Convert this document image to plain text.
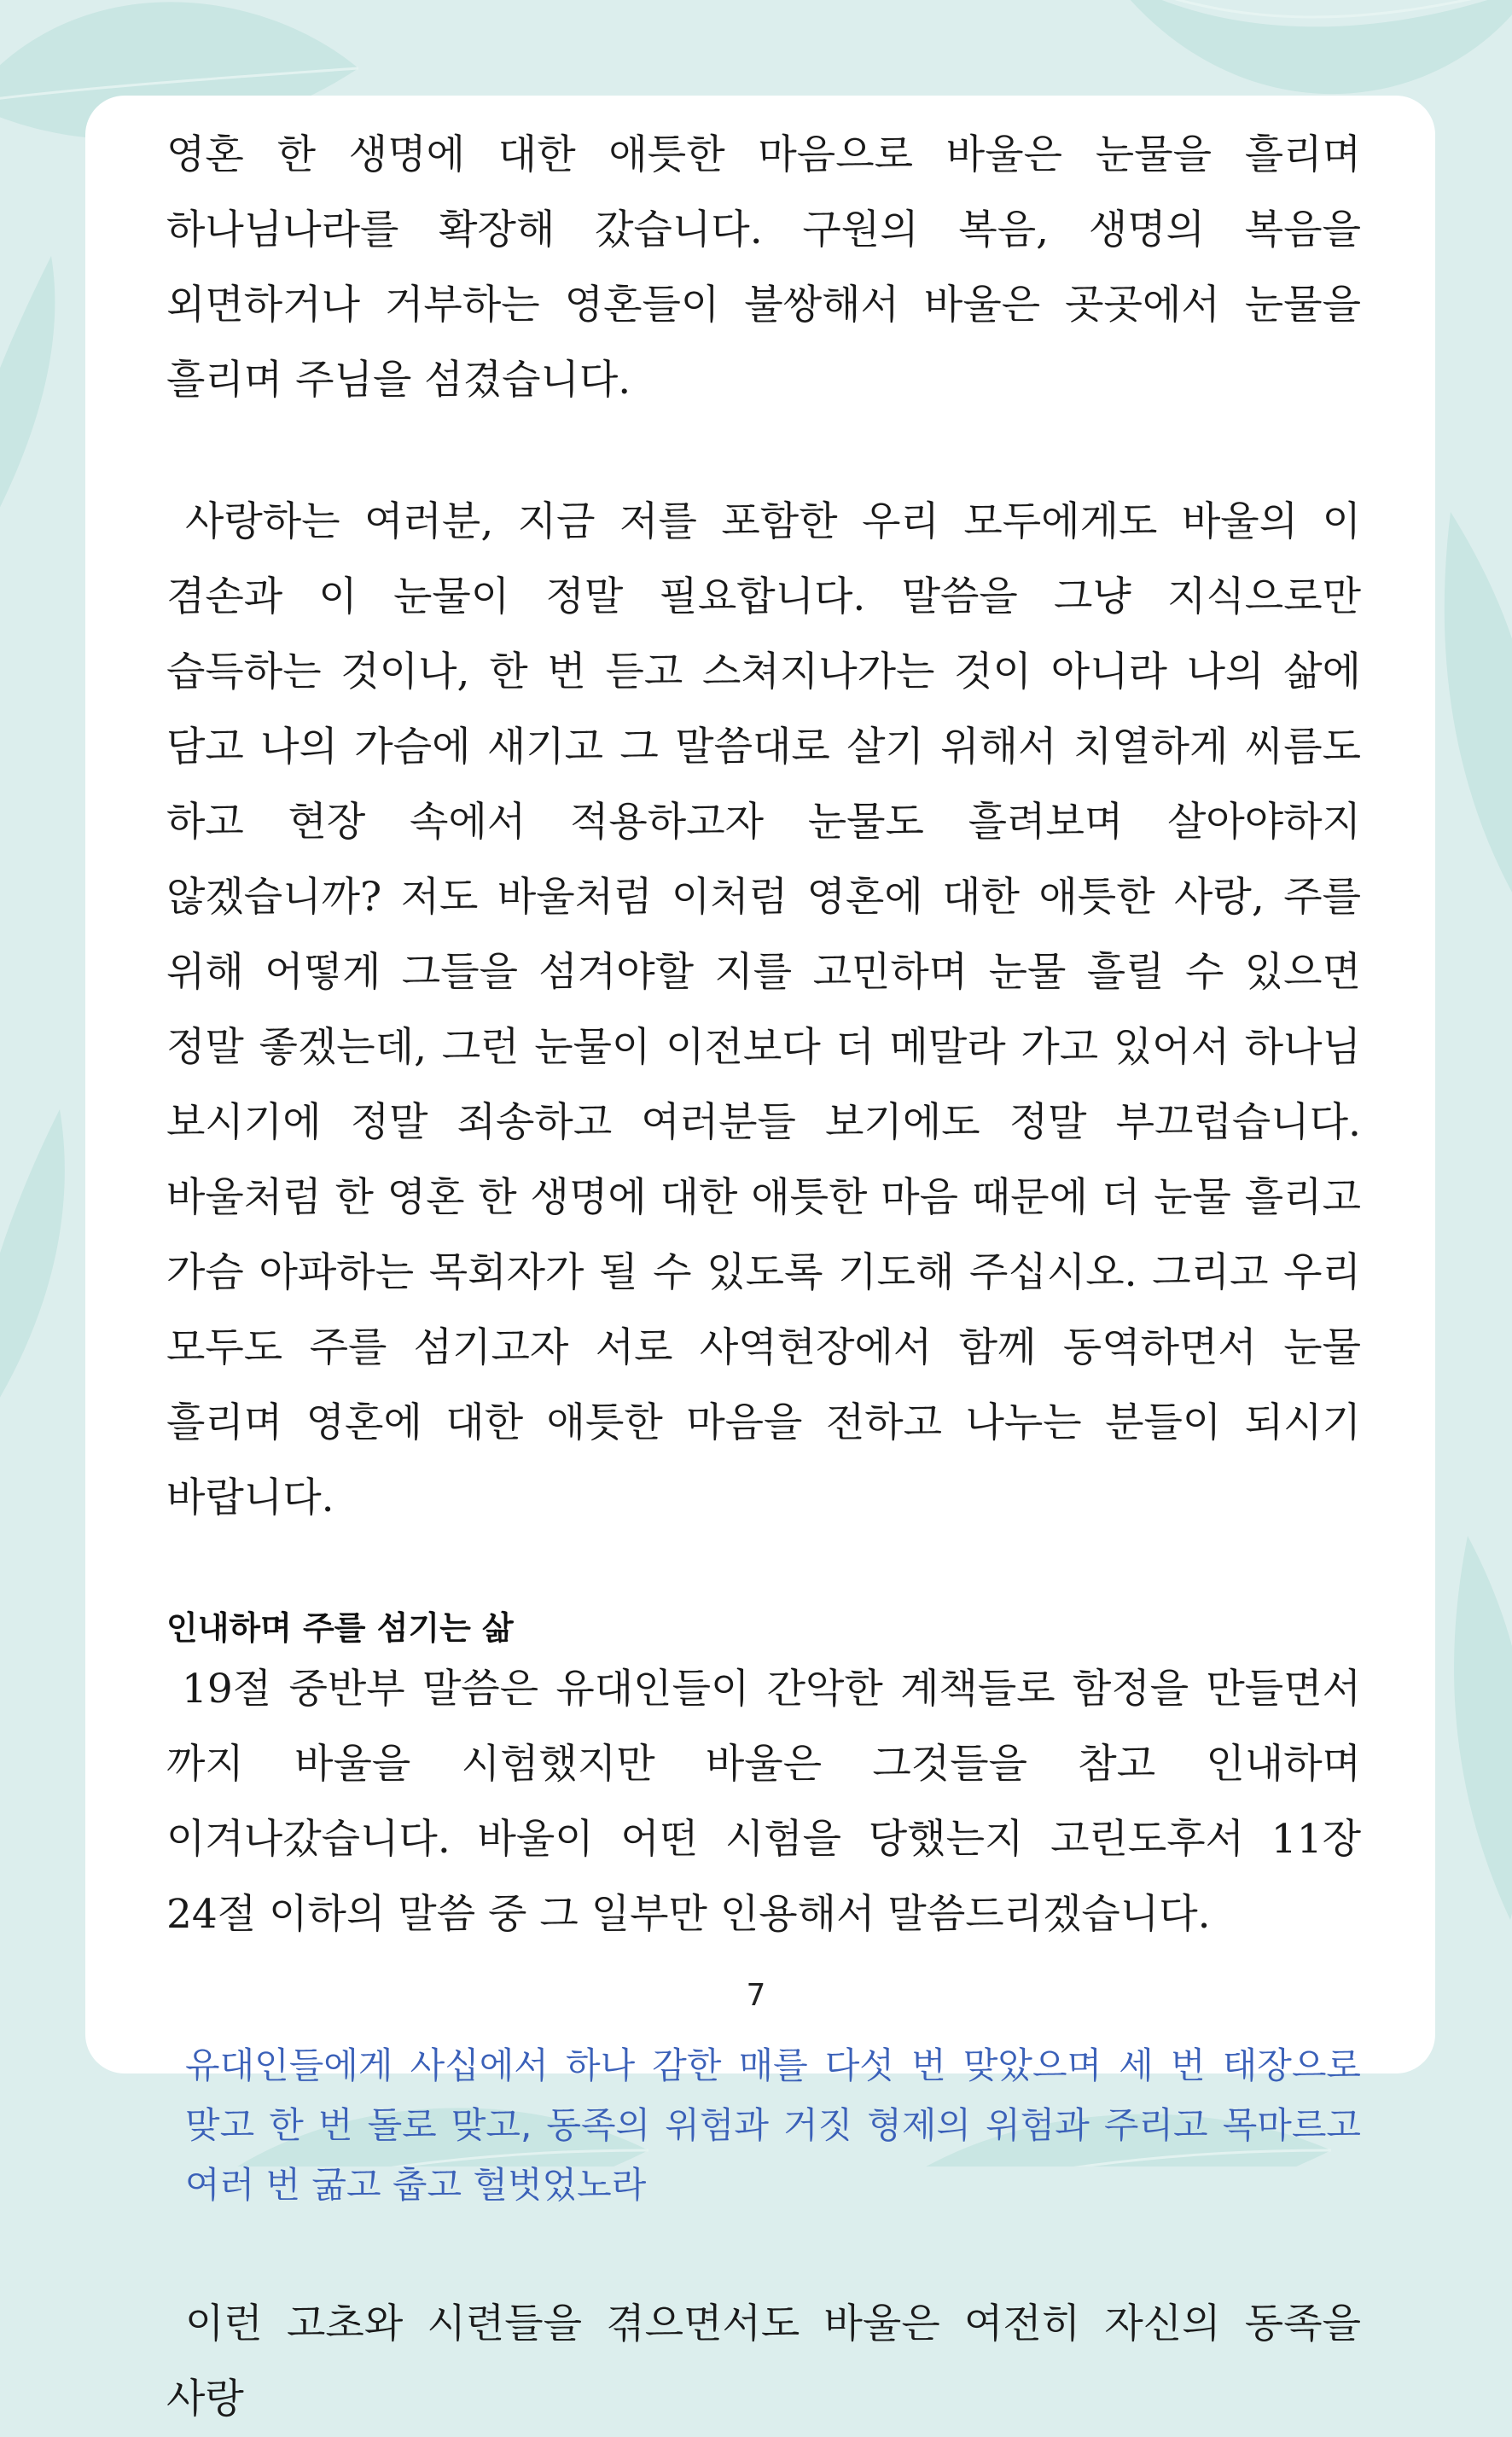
영혼 한 생명에 대한 애틋한 마음으로 바울은 눈물을 흘리며 하나님나라를 확장해 갔습니다. 구원의 복음, 생명의 복음을 외면하거나 거부하는 영혼들이 불쌍해서 바울은 곳곳에서 눈물을 흘리며 주님을 섬겼습니다.

사랑하는 여러분, 지금 저를 포함한 우리 모두에게도 바울의 이 겸손과 이 눈물이 정말 필요합니다. 말씀을 그냥 지식으로만 습득하는 것이나, 한 번 듣고 스쳐지나가는 것이 아니라 나의 삶에 담고 나의 가슴에 새기고 그 말씀대로 살기 위해서 치열하게 씨름도 하고 현장 속에서 적용하고자 눈물도 흘려보며 살아야하지 않겠습니까? 저도 바울처럼 이처럼 영혼에 대한 애틋한 사랑, 주를 위해 어떻게 그들을 섬겨야할 지를 고민하며 눈물 흘릴 수 있으면 정말 좋겠는데, 그런 눈물이 이전보다 더 메말라 가고 있어서 하나님 보시기에 정말 죄송하고 여러분들 보기에도 정말 부끄럽습니다. 바울처럼 한 영혼 한 생명에 대한 애틋한 마음 때문에 더 눈물 흘리고 가슴 아파하는 목회자가 될 수 있도록 기도해 주십시오. 그리고 우리 모두도 주를 섬기고자 서로 사역현장에서 함께 동역하면서 눈물 흘리며 영혼에 대한 애틋한 마음을 전하고 나누는 분들이 되시기 바랍니다.

인내하며 주를 섬기는 삶

19절 중반부 말씀은 유대인들이 간악한 계책들로 함정을 만들면서 까지 바울을 시험했지만 바울은 그것들을 참고 인내하며 이겨나갔습니다. 바울이 어떤 시험을 당했는지 고린도후서 11장 24절 이하의 말씀 중 그 일부만 인용해서 말씀드리겠습니다.

유대인들에게 사십에서 하나 감한 매를 다섯 번 맞았으며 세 번 태장으로 맞고 한 번 돌로 맞고, 동족의 위험과 거짓 형제의 위험과 주리고 목마르고 여러 번 굶고 춥고 헐벗었노라

이런 고초와 시련들을 겪으면서도 바울은 여전히 자신의 동족을 사랑

7
